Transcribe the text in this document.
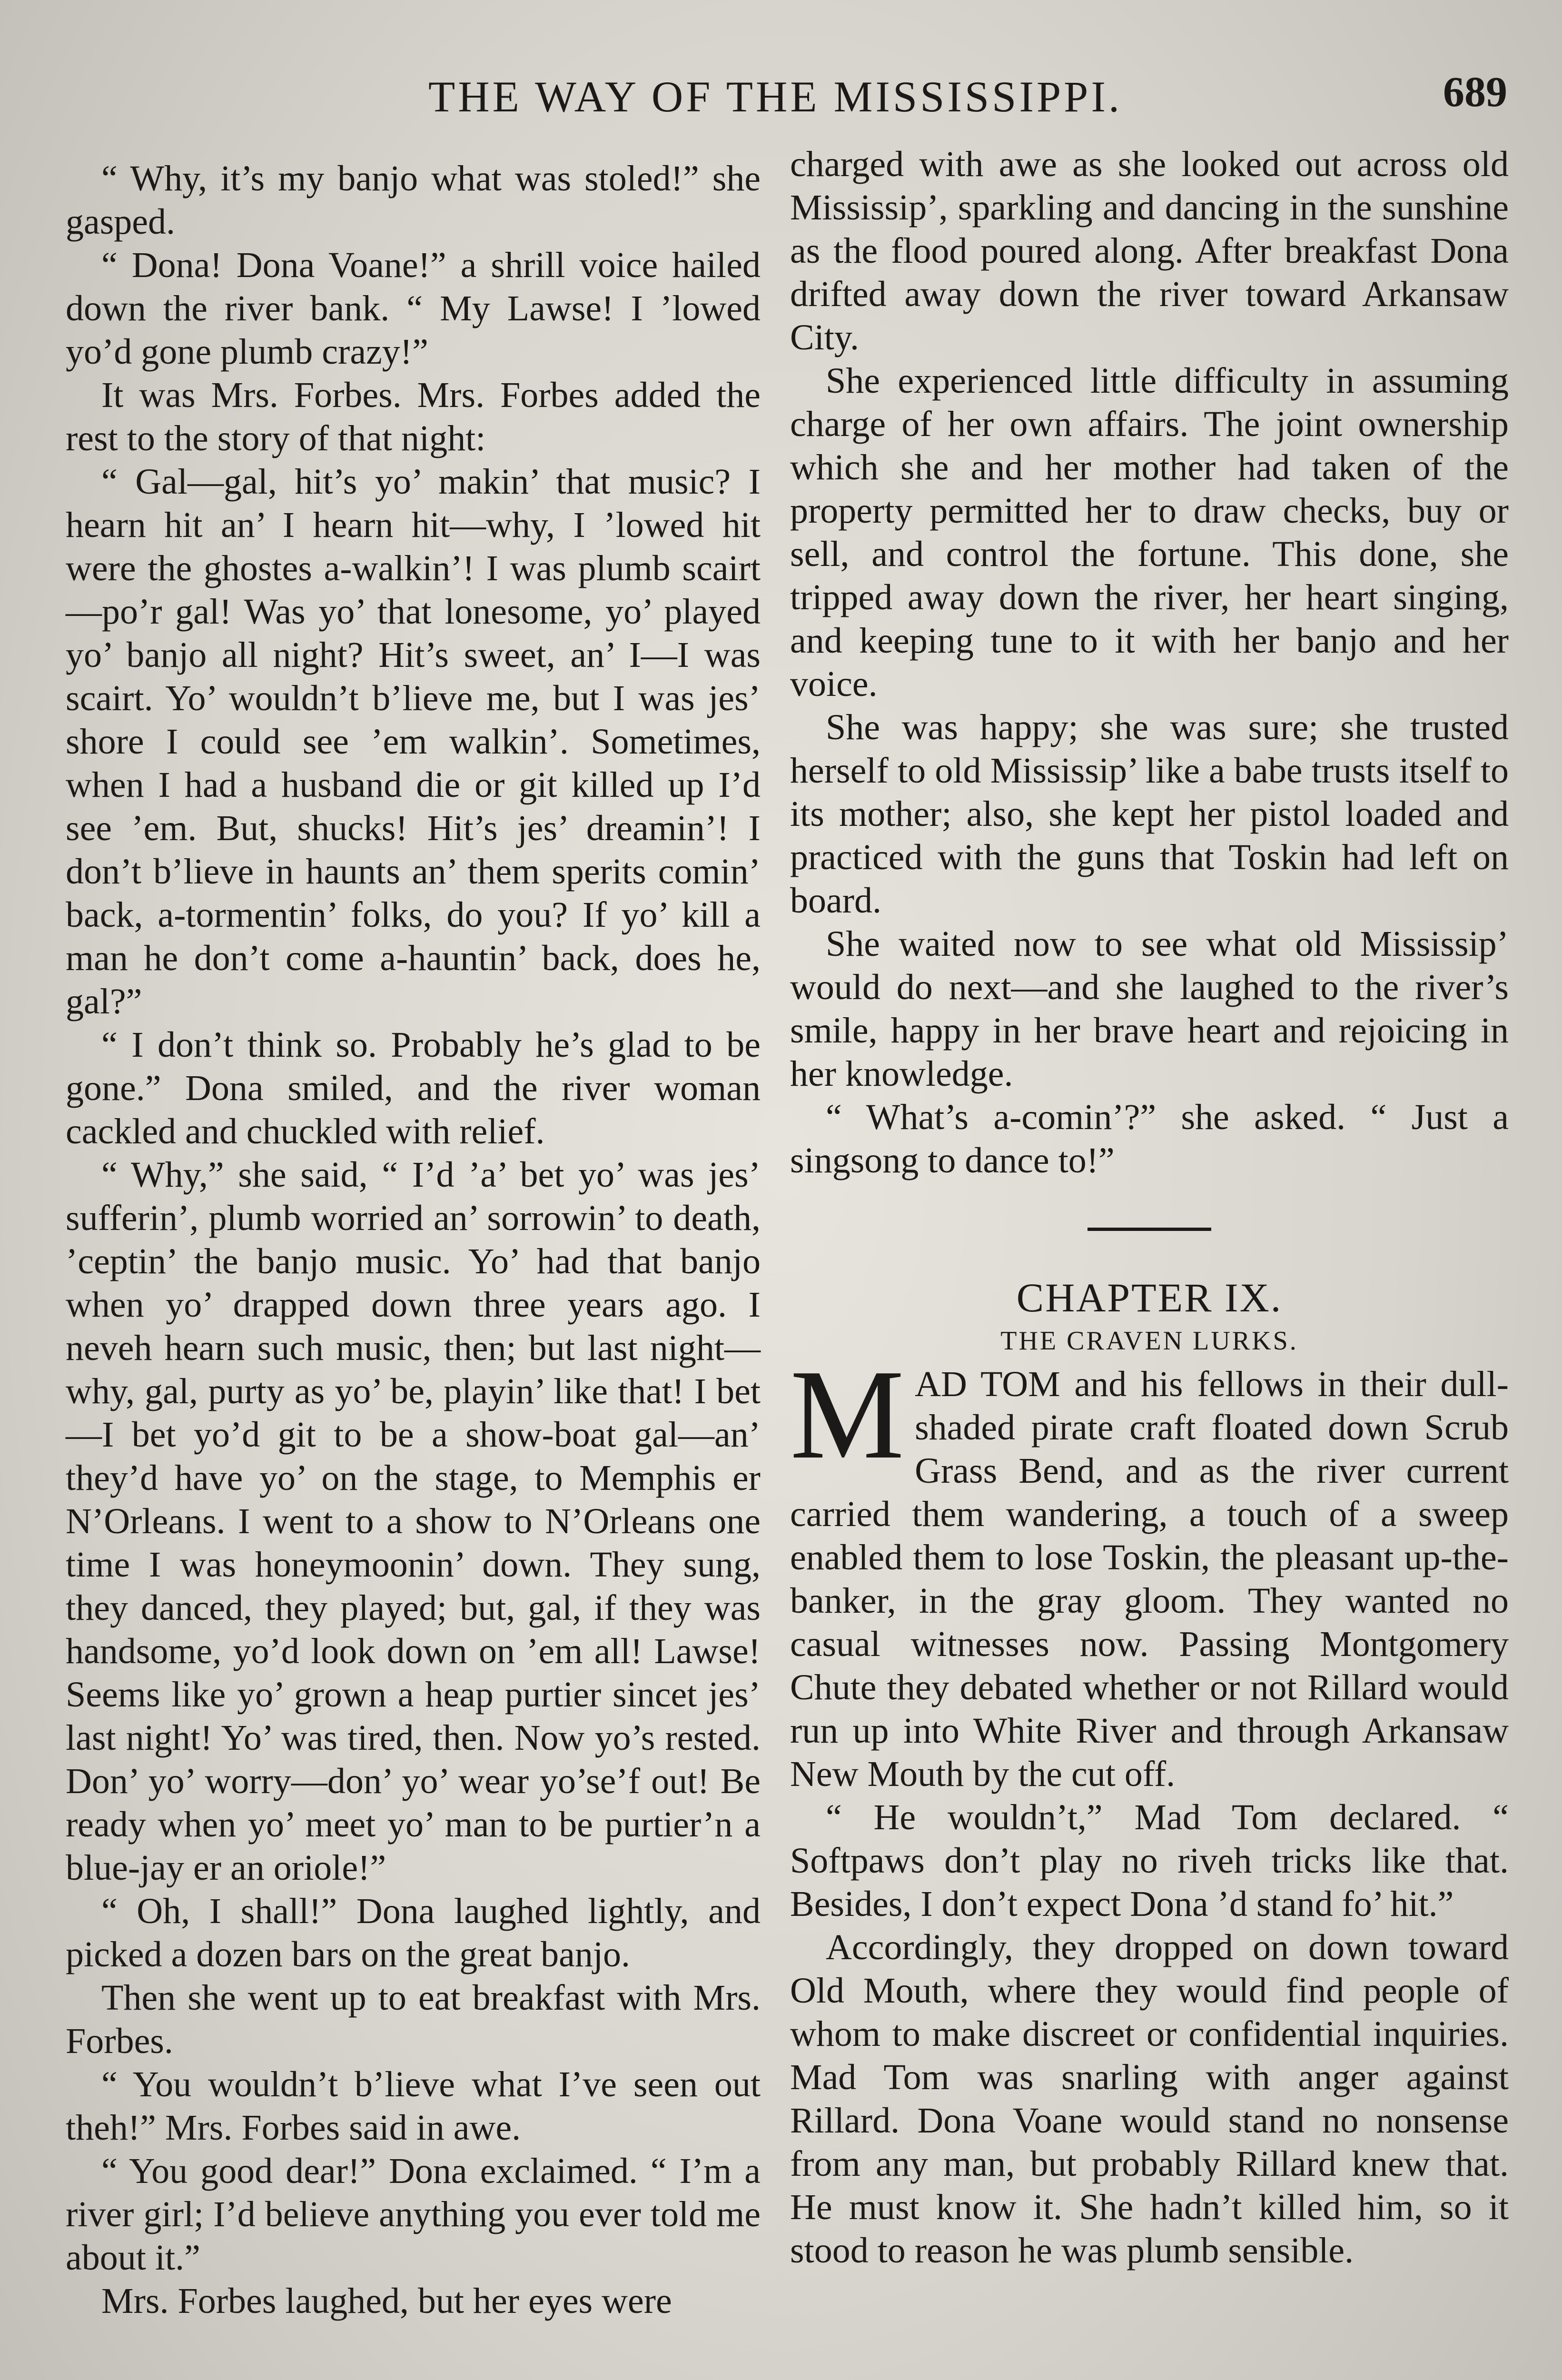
THE WAY OF THE MISSISSIPPI.	689

“ Why, it’s my banjo what was stoled!” she gasped.

“ Dona! Dona Voane!” a shrill voice hailed down the river bank. “ My Lawse! I ’lowed yo’d gone plumb crazy!”

It was Mrs. Forbes. Mrs. Forbes added the rest to the story of that night:

“ Gal—gal, hit’s yo’ makin’ that music? I hearn hit an’ I hearn hit—why, I ’lowed hit were the ghostes a-walkin’! I was plumb scairt—po’r gal! Was yo’ that lonesome, yo’ played yo’ banjo all night? Hit’s sweet, an’ I—I was scairt. Yo’ wouldn’t b’lieve me, but I was jes’ shore I could see ’em walkin’. Sometimes, when I had a husband die or git killed up I’d see ’em. But, shucks! Hit’s jes’ dreamin’! I don’t b’lieve in haunts an’ them sperits comin’ back, a-tormentin’ folks, do you? If yo’ kill a man he don’t come a-hauntin’ back, does he, gal?”

“ I don’t think so. Probably he’s glad to be gone.” Dona smiled, and the river woman cackled and chuckled with relief.

“ Why,” she said, “ I’d ’a’ bet yo’ was jes’ sufferin’, plumb worried an’ sorrowin’ to death, ’ceptin’ the banjo music. Yo’ had that banjo when yo’ drapped down three years ago. I neveh hearn such music, then; but last night—why, gal, purty as yo’ be, playin’ like that! I bet—I bet yo’d git to be a show-boat gal—an’ they’d have yo’ on the stage, to Memphis er N’Orleans. I went to a show to N’Orleans one time I was honeymoonin’ down. They sung, they danced, they played; but, gal, if they was handsome, yo’d look down on ’em all! Lawse! Seems like yo’ grown a heap purtier sincet jes’ last night! Yo’ was tired, then. Now yo’s rested. Don’ yo’ worry—don’ yo’ wear yo’se’f out! Be ready when yo’ meet yo’ man to be purtier’n a blue-jay er an oriole!”

“ Oh, I shall!” Dona laughed lightly, and picked a dozen bars on the great banjo.

Then she went up to eat breakfast with Mrs. Forbes.

“ You wouldn’t b’lieve what I’ve seen out theh!” Mrs. Forbes said in awe.

“ You good dear!” Dona exclaimed. “ I’m a river girl; I’d believe anything you ever told me about it.”

Mrs. Forbes laughed, but her eyes were

charged with awe as she looked out across old Mississip’, sparkling and dancing in the sunshine as the flood poured along. After breakfast Dona drifted away down the river toward Arkansaw City.

She experienced little difficulty in assuming charge of her own affairs. The joint ownership which she and her mother had taken of the property permitted her to draw checks, buy or sell, and control the fortune. This done, she tripped away down the river, her heart singing, and keeping tune to it with her banjo and her voice.

She was happy; she was sure; she trusted herself to old Mississip’ like a babe trusts itself to its mother; also, she kept her pistol loaded and practiced with the guns that Toskin had left on board.

She waited now to see what old Mississip’ would do next—and she laughed to the river’s smile, happy in her brave heart and rejoicing in her knowledge.

“ What’s a-comin’?” she asked. “ Just a singsong to dance to!”

CHAPTER IX.

THE CRAVEN LURKS.

MAD TOM and his fellows in their dull-shaded pirate craft floated down Scrub Grass Bend, and as the river current carried them wandering, a touch of a sweep enabled them to lose Toskin, the pleasant up-the-banker, in the gray gloom. They wanted no casual witnesses now. Passing Montgomery Chute they debated whether or not Rillard would run up into White River and through Arkansaw New Mouth by the cut off.

“ He wouldn’t,” Mad Tom declared. “ Softpaws don’t play no riveh tricks like that. Besides, I don’t expect Dona ’d stand fo’ hit.”

Accordingly, they dropped on down toward Old Mouth, where they would find people of whom to make discreet or confidential inquiries. Mad Tom was snarling with anger against Rillard. Dona Voane would stand no nonsense from any man, but probably Rillard knew that. He must know it. She hadn’t killed him, so it stood to reason he was plumb sensible.
